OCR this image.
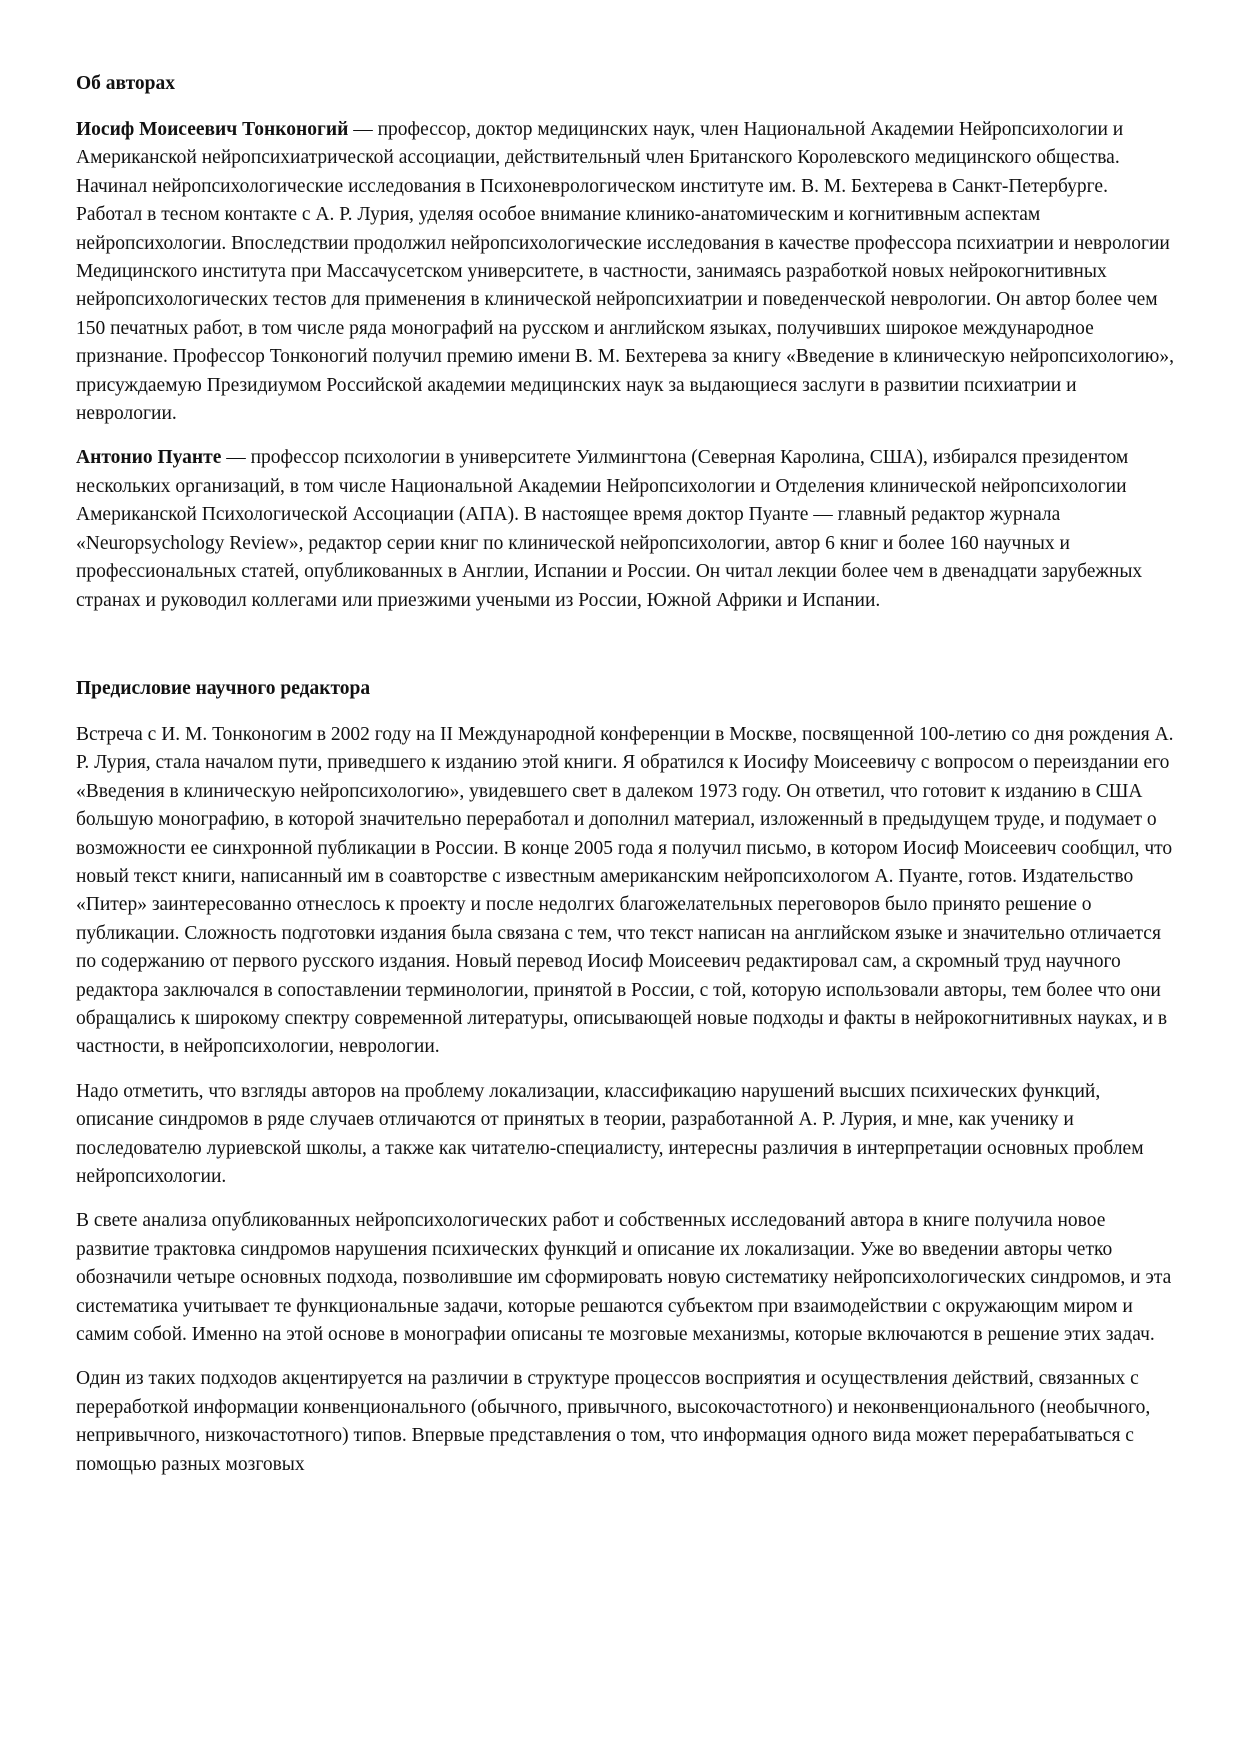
Об авторах

Иосиф Моисеевич Тонконогий — профессор, доктор медицинских наук, член Национальной Академии Нейропсихологии и Американской нейропсихиатрической ассоциации, действительный член Британского Королевского медицинского общества. Начинал нейропсихологические исследования в Психоневрологическом институте им. В. М. Бехтерева в Санкт-Петербурге. Работал в тесном контакте с А. Р. Лурия, уделяя особое внимание клинико-анатомическим и когнитивным аспектам нейропсихологии. Впоследствии продолжил нейропсихологические исследования в качестве профессора психиатрии и неврологии Медицинского института при Массачусетском университете, в частности, занимаясь разработкой новых нейрокогнитивных нейропсихологических тестов для применения в клинической нейропсихиатрии и поведенческой неврологии. Он автор более чем 150 печатных работ, в том числе ряда монографий на русском и английском языках, получивших широкое международное признание. Профессор Тонконогий получил премию имени В. М. Бехтерева за книгу «Введение в клиническую нейропсихологию», присуждаемую Президиумом Российской академии медицинских наук за выдающиеся заслуги в развитии психиатрии и неврологии.

Антонио Пуанте — профессор психологии в университете Уилмингтона (Северная Каролина, США), избирался президентом нескольких организаций, в том числе Национальной Академии Нейропсихологии и Отделения клинической нейропсихологии Американской Психологической Ассоциации (АПА). В настоящее время доктор Пуанте — главный редактор журнала «Neuropsychology Review», редактор серии книг по клинической нейропсихологии, автор 6 книг и более 160 научных и профессиональных статей, опубликованных в Англии, Испании и России. Он читал лекции более чем в двенадцати зарубежных странах и руководил коллегами или приезжими учеными из России, Южной Африки и Испании.

Предисловие научного редактора

Встреча с И. М. Тонконогим в 2002 году на II Международной конференции в Москве, посвященной 100-летию со дня рождения А. Р. Лурия, стала началом пути, приведшего к изданию этой книги. Я обратился к Иосифу Моисеевичу с вопросом о переиздании его «Введения в клиническую нейропсихологию», увидевшего свет в далеком 1973 году. Он ответил, что готовит к изданию в США большую монографию, в которой значительно переработал и дополнил материал, изложенный в предыдущем труде, и подумает о возможности ее синхронной публикации в России. В конце 2005 года я получил письмо, в котором Иосиф Моисеевич сообщил, что новый текст книги, написанный им в соавторстве с известным американским нейропсихологом А. Пуанте, готов. Издательство «Питер» заинтересованно отнеслось к проекту и после недолгих благожелательных переговоров было принято решение о публикации. Сложность подготовки издания была связана с тем, что текст написан на английском языке и значительно отличается по содержанию от первого русского издания. Новый перевод Иосиф Моисеевич редактировал сам, а скромный труд научного редактора заключался в сопоставлении терминологии, принятой в России, с той, которую использовали авторы, тем более что они обращались к широкому спектру современной литературы, описывающей новые подходы и факты в нейрокогнитивных науках, и в частности, в нейропсихологии, неврологии.

Надо отметить, что взгляды авторов на проблему локализации, классификацию нарушений высших психических функций, описание синдромов в ряде случаев отличаются от принятых в теории, разработанной А. Р. Лурия, и мне, как ученику и последователю луриевской школы, а также как читателю-специалисту, интересны различия в интерпретации основных проблем нейропсихологии.

В свете анализа опубликованных нейропсихологических работ и собственных исследований автора в книге получила новое развитие трактовка синдромов нарушения психических функций и описание их локализации. Уже во введении авторы четко обозначили четыре основных подхода, позволившие им сформировать новую систематику нейропсихологических синдромов, и эта систематика учитывает те функциональные задачи, которые решаются субъектом при взаимодействии с окружающим миром и самим собой. Именно на этой основе в монографии описаны те мозговые механизмы, которые включаются в решение этих задач.

Один из таких подходов акцентируется на различии в структуре процессов восприятия и осуществления действий, связанных с переработкой информации конвенционального (обычного, привычного, высокочастотного) и неконвенционального (необычного, непривычного, низкочастотного) типов. Впервые представления о том, что информация одного вида может перерабатываться с помощью разных мозговых
